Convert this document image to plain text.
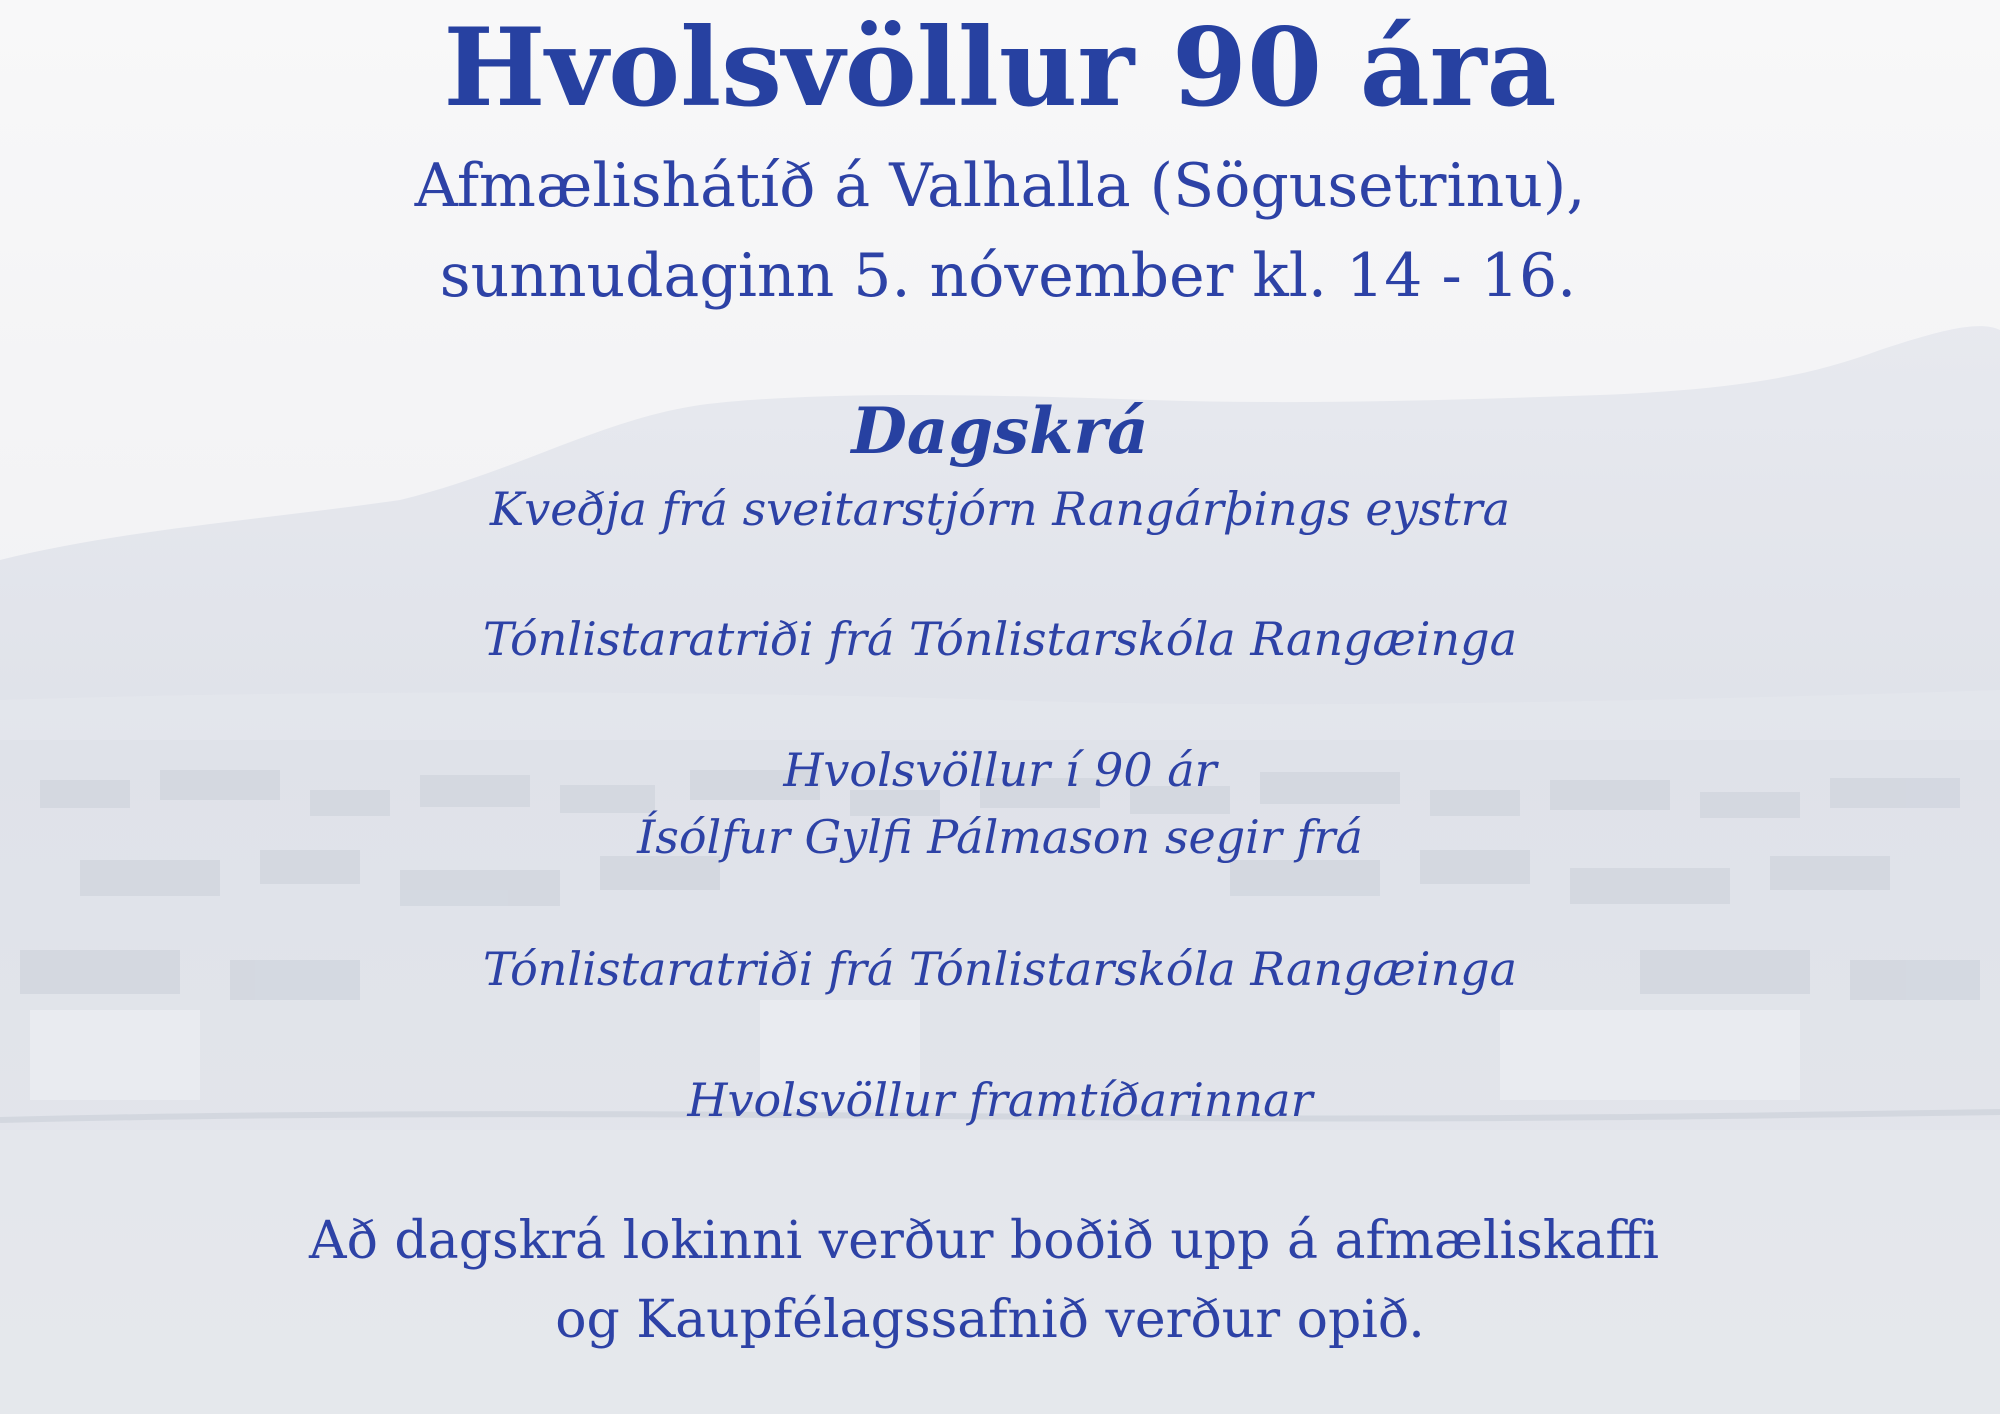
Hvolsvöllur 90 ára

Afmælishátíð á Valhalla (Sögusetrinu),

sunnudaginn 5. nóvember kl. 14 - 16.

Dagskrá

Kveðja frá sveitarstjórn Rangárþings eystra

Tónlistaratriði frá Tónlistarskóla Rangæinga

Hvolsvöllur í 90 ár

Ísólfur Gylfi Pálmason segir frá

Tónlistaratriði frá Tónlistarskóla Rangæinga

Hvolsvöllur framtíðarinnar

Að dagskrá lokinni verður boðið upp á afmæliskaffi

og Kaupfélagssafnið verður opið.
